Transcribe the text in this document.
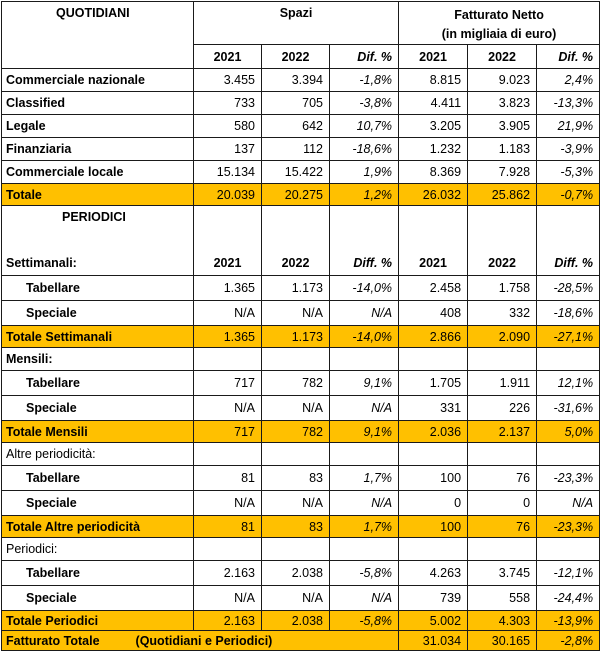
QUOTIDIANI	Spazi			Fatturato Netto
(in migliaia di euro)		
	2021	2022	Dif. %	2021	2022	Dif. %
Commerciale nazionale	3.455	3.394	-1,8%	8.815	9.023	2,4%
Classified	733	705	-3,8%	4.411	3.823	-13,3%
Legale	580	642	10,7%	3.205	3.905	21,9%
Finanziaria	137	112	-18,6%	1.232	1.183	-3,9%
Commerciale locale	15.134	15.422	1,9%	8.369	7.928	-5,3%
Totale	20.039	20.275	1,2%	26.032	25.862	-0,7%
PERIODICI						
Settimanali:	2021	2022	Diff. %	2021	2022	Diff. %
Tabellare	1.365	1.173	-14,0%	2.458	1.758	-28,5%
Speciale	N/A	N/A	N/A	408	332	-18,6%
Totale Settimanali	1.365	1.173	-14,0%	2.866	2.090	-27,1%
Mensili:						
Tabellare	717	782	9,1%	1.705	1.911	12,1%
Speciale	N/A	N/A	N/A	331	226	-31,6%
Totale Mensili	717	782	9,1%	2.036	2.137	5,0%
Altre periodicità:						
Tabellare	81	83	1,7%	100	76	-23,3%
Speciale	N/A	N/A	N/A	0	0	N/A
Totale Altre periodicità	81	83	1,7%	100	76	-23,3%
Periodici:						
Tabellare	2.163	2.038	-5,8%	4.263	3.745	-12,1%
Speciale	N/A	N/A	N/A	739	558	-24,4%
Totale Periodici	2.163	2.038	-5,8%	5.002	4.303	-13,9%
Fatturato Totale (Quotidiani e Periodici)				31.034	30.165	-2,8%
